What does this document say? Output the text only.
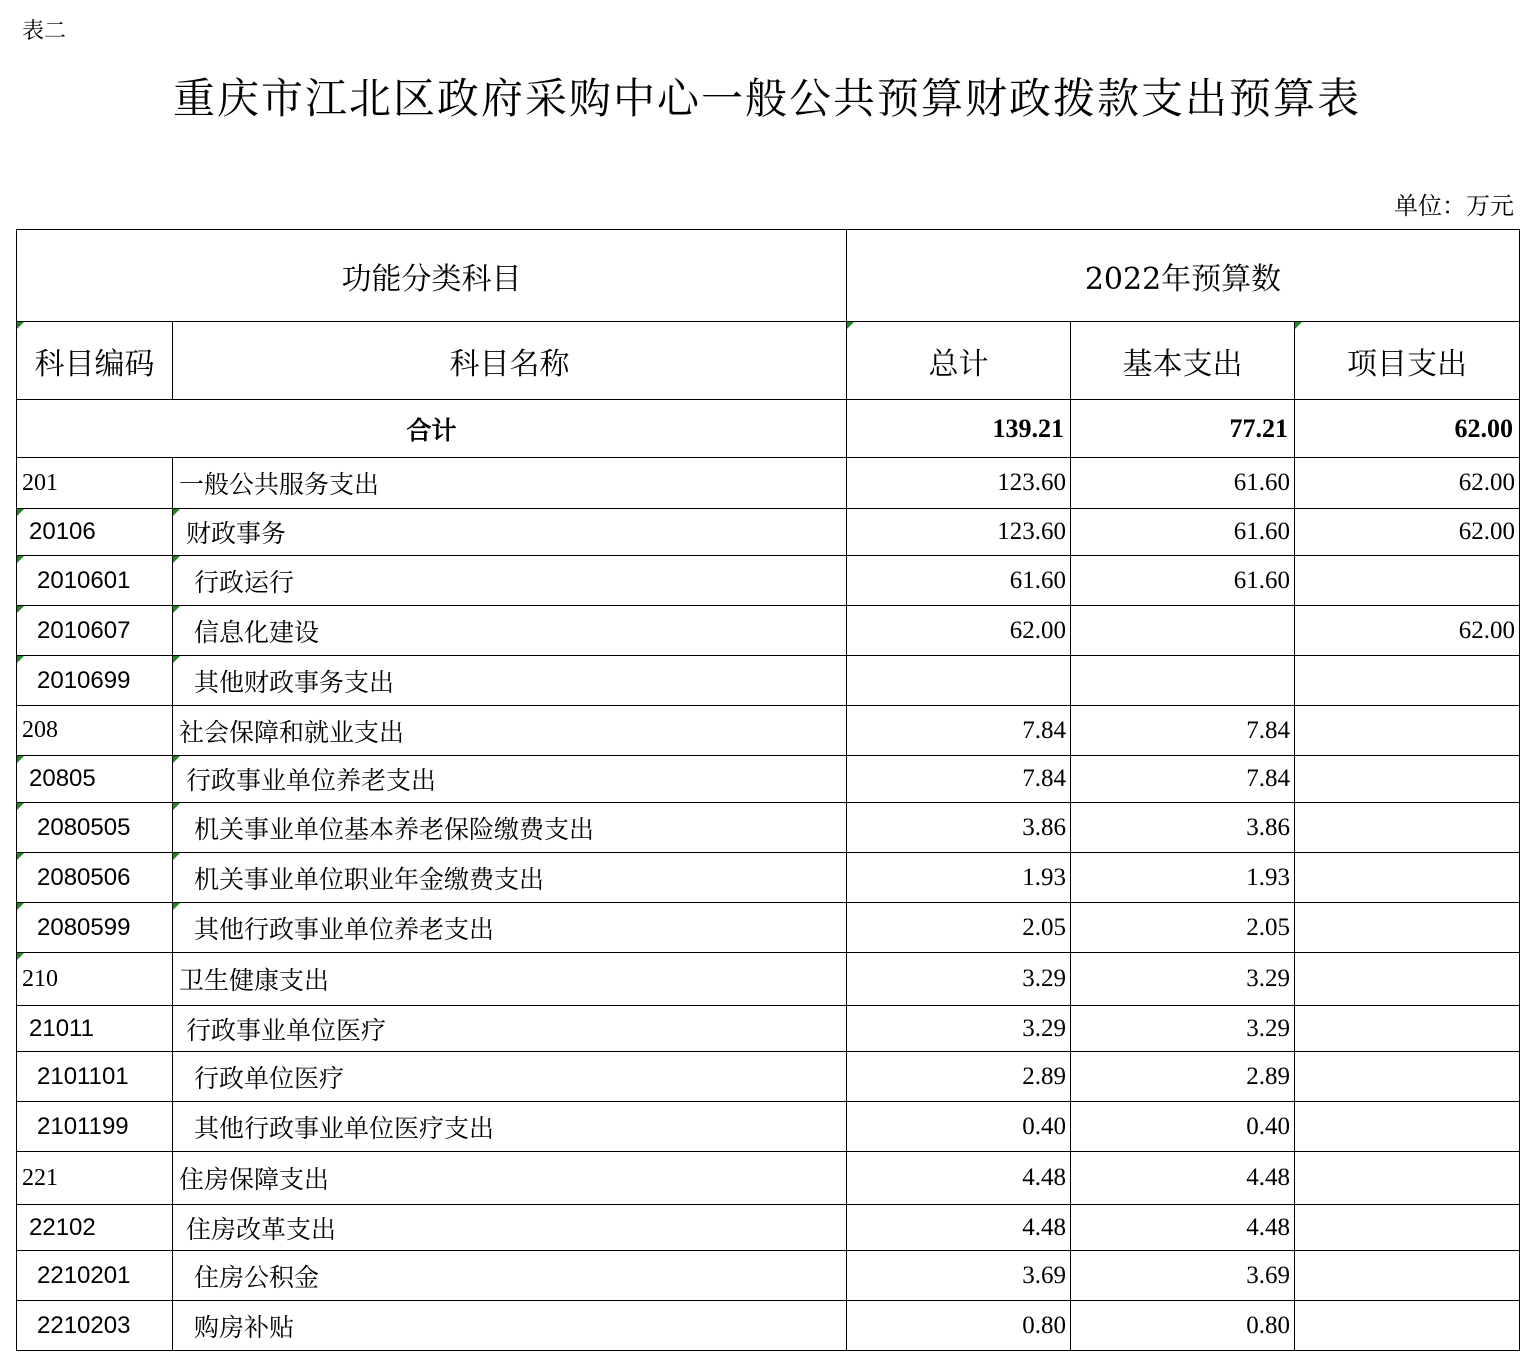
表二
重庆市江北区政府采购中心一般公共预算财政拨款支出预算表
单位：万元
功能分类科目		2022年预算数		
科目编码	科目名称	总计	基本支出	项目支出
合计		139.21	77.21	62.00
201	一般公共服务支出	123.60	61.60	62.00
20106	财政事务	123.60	61.60	62.00
2010601	行政运行	61.60	61.60	
2010607	信息化建设	62.00		62.00
2010699	其他财政事务支出			
208	社会保障和就业支出	7.84	7.84	
20805	行政事业单位养老支出	7.84	7.84	
2080505	机关事业单位基本养老保险缴费支出	3.86	3.86	
2080506	机关事业单位职业年金缴费支出	1.93	1.93	
2080599	其他行政事业单位养老支出	2.05	2.05	
210	卫生健康支出	3.29	3.29	
21011	行政事业单位医疗	3.29	3.29	
2101101	行政单位医疗	2.89	2.89	
2101199	其他行政事业单位医疗支出	0.40	0.40	
221	住房保障支出	4.48	4.48	
22102	住房改革支出	4.48	4.48	
2210201	住房公积金	3.69	3.69	
2210203	购房补贴	0.80	0.80	
